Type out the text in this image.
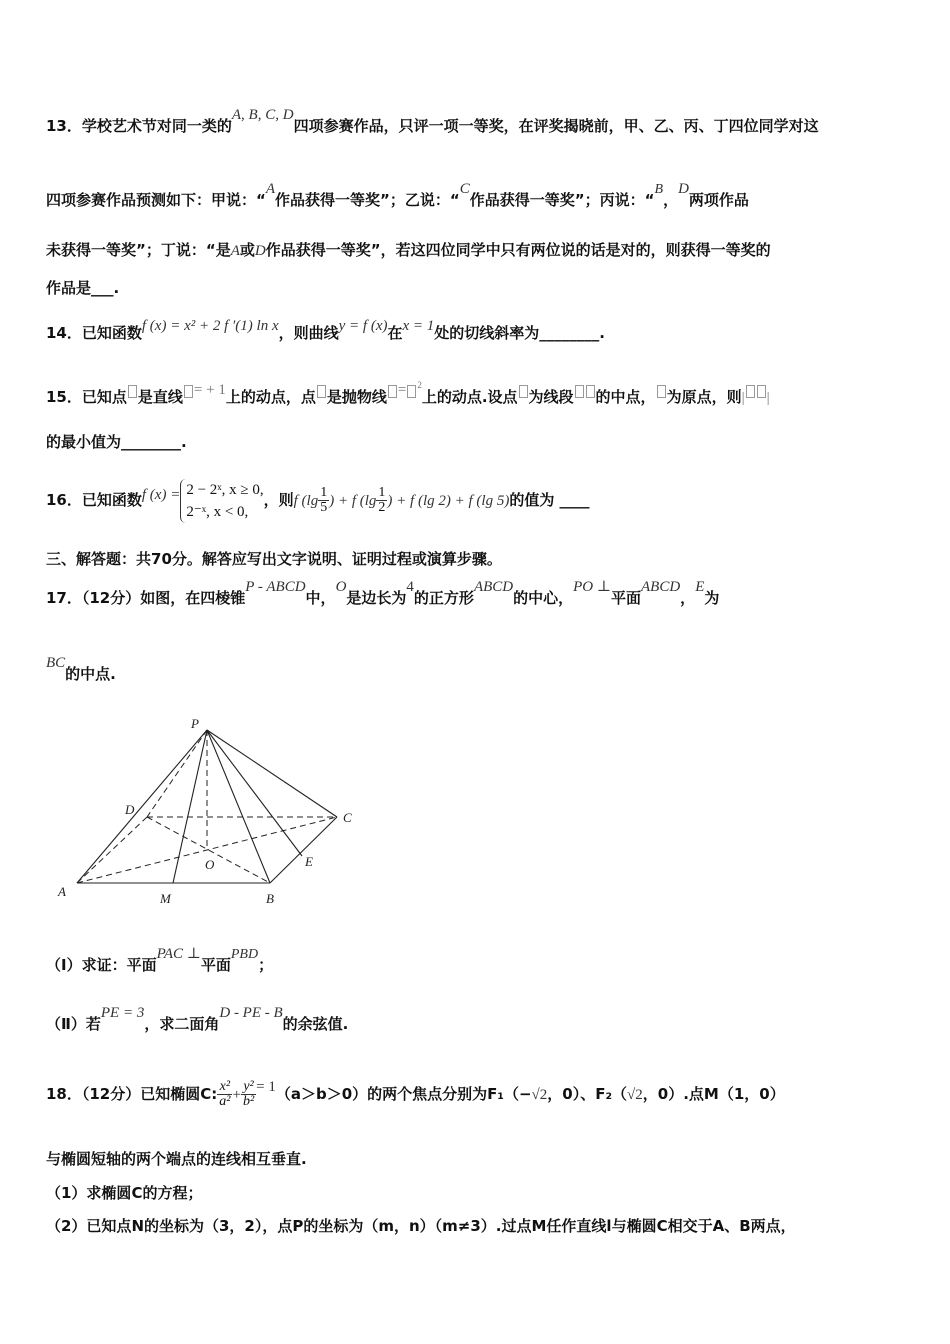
13．学校艺术节对同一类的A, B, C, D四项参赛作品，只评一项一等奖，在评奖揭晓前，甲、乙、丙、丁四位同学对这
四项参赛作品预测如下：甲说：“A作品获得一等奖”；乙说：“C作品获得一等奖”；丙说：“B，D两项作品
未获得一等奖”；丁说：“是A或D作品获得一等奖”，若这四位同学中只有两位说的话是对的，则获得一等奖的
作品是___.
14．已知函数f (x) = x² + 2 f ′(1) ln x，则曲线y = f (x)在x = 1处的切线斜率为________.
15．已知点 是直线 = + 1上的动点，点 是抛物线 = $^2$上的动点.设点 为线段 的中点， 为原点，则| |
的最小值为________.
16．已知函数f (x) = 2 − 2ˣ, x ≥ 0,
2⁻ˣ, x < 0,
，则f ($\lg \frac{1}{5}$ ) + f ($\lg \frac{1}{2}$ ) + f (lg 2) + f (lg 5)的值为 ____
三、解答题：共70分。解答应写出文字说明、证明过程或演算步骤。
17．（12分）如图，在四棱锥P - ABCD中，O是边长为4的正方形ABCD的中心，PO ⊥平面ABCD，E为
BC的中点.
P
D
C
O	E
A	M	B
（Ⅰ）求证：平面PAC ⊥平面PBD；
（Ⅱ）若PE = 3，求二面角D - PE - B的余弦值.
18．（12分）已知椭圆C: $\frac{\text{x²}}{\text{a²}} + \frac{\text{y²}}{\text{b²}} = 1(a>b>0)$的两个焦点分别为F₁（−√2，0）、F₂（√2，0）.点M（1，0）
与椭圆短轴的两个端点的连线相互垂直.
（1）求椭圆C的方程；
（2）已知点N的坐标为（3，2），点P的坐标为（m，n）（m≠3）.过点M任作直线l与椭圆C相交于A、B两点，
